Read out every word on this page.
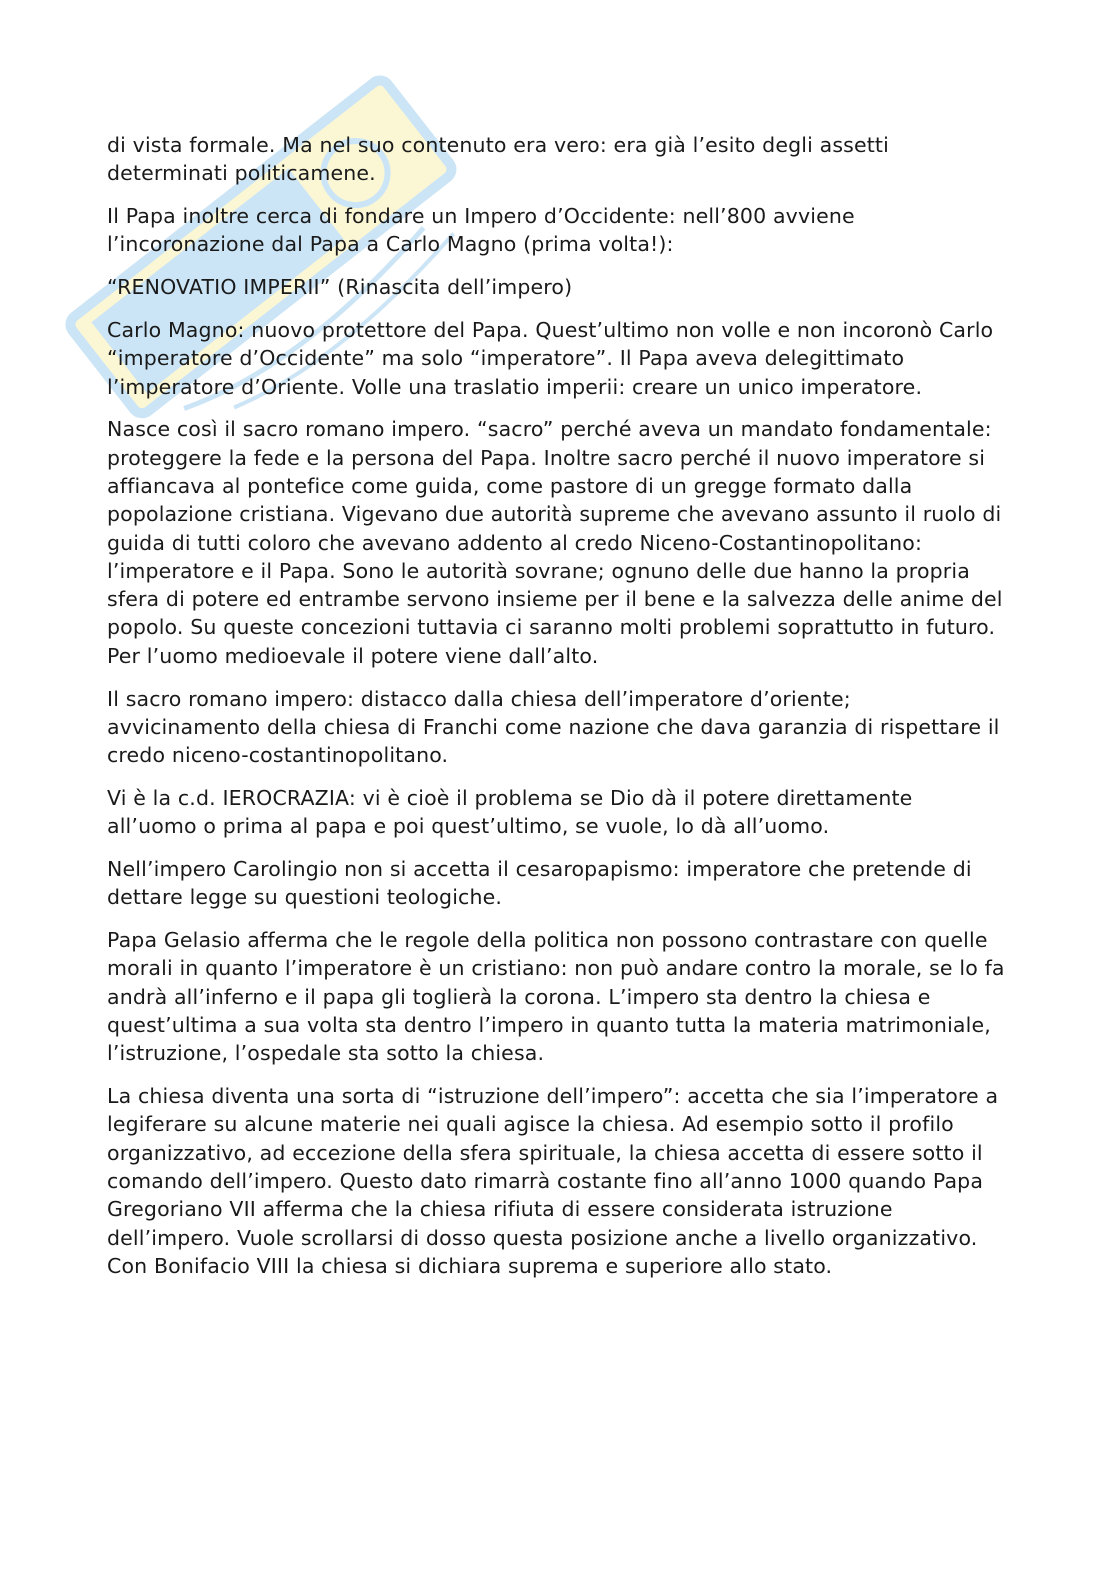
di vista formale. Ma nel suo contenuto era vero: era già l’esito degli assetti determinati politicamene.

Il Papa inoltre cerca di fondare un Impero d’Occidente: nell’800 avviene l’incoronazione dal Papa a Carlo Magno (prima volta!):

“RENOVATIO IMPERII” (Rinascita dell’impero)

Carlo Magno: nuovo protettore del Papa. Quest’ultimo non volle e non incoronò Carlo “imperatore d’Occidente” ma solo “imperatore”. Il Papa aveva delegittimato l’imperatore d’Oriente. Volle una traslatio imperii: creare un unico imperatore.

Nasce così il sacro romano impero. “sacro” perché aveva un mandato fondamentale: proteggere la fede e la persona del Papa. Inoltre sacro perché il nuovo imperatore si affiancava al pontefice come guida, come pastore di un gregge formato dalla popolazione cristiana. Vigevano due autorità supreme che avevano assunto il ruolo di guida di tutti coloro che avevano addento al credo Niceno-Costantinopolitano: l’imperatore e il Papa. Sono le autorità sovrane; ognuno delle due hanno la propria sfera di potere ed entrambe servono insieme per il bene e la salvezza delle anime del popolo. Su queste concezioni tuttavia ci saranno molti problemi soprattutto in futuro. Per l’uomo medioevale il potere viene dall’alto.

Il sacro romano impero: distacco dalla chiesa dell’imperatore d’oriente; avvicinamento della chiesa di Franchi come nazione che dava garanzia di rispettare il credo niceno-costantinopolitano.

Vi è la c.d. IEROCRAZIA: vi è cioè il problema se Dio dà il potere direttamente all’uomo o prima al papa e poi quest’ultimo, se vuole, lo dà all’uomo.

Nell’impero Carolingio non si accetta il cesaropapismo: imperatore che pretende di dettare legge su questioni teologiche.

Papa Gelasio afferma che le regole della politica non possono contrastare con quelle morali in quanto l’imperatore è un cristiano: non può andare contro la morale, se lo fa andrà all’inferno e il papa gli toglierà la corona. L’impero sta dentro la chiesa e quest’ultima a sua volta sta dentro l’impero in quanto tutta la materia matrimoniale, l’istruzione, l’ospedale sta sotto la chiesa.

La chiesa diventa una sorta di “istruzione dell’impero”: accetta che sia l’imperatore a legiferare su alcune materie nei quali agisce la chiesa. Ad esempio sotto il profilo organizzativo, ad eccezione della sfera spirituale, la chiesa accetta di essere sotto il comando dell’impero. Questo dato rimarrà costante fino all’anno 1000 quando Papa Gregoriano VII afferma che la chiesa rifiuta di essere considerata istruzione dell’impero. Vuole scrollarsi di dosso questa posizione anche a livello organizzativo. Con Bonifacio VIII la chiesa si dichiara suprema e superiore allo stato.
